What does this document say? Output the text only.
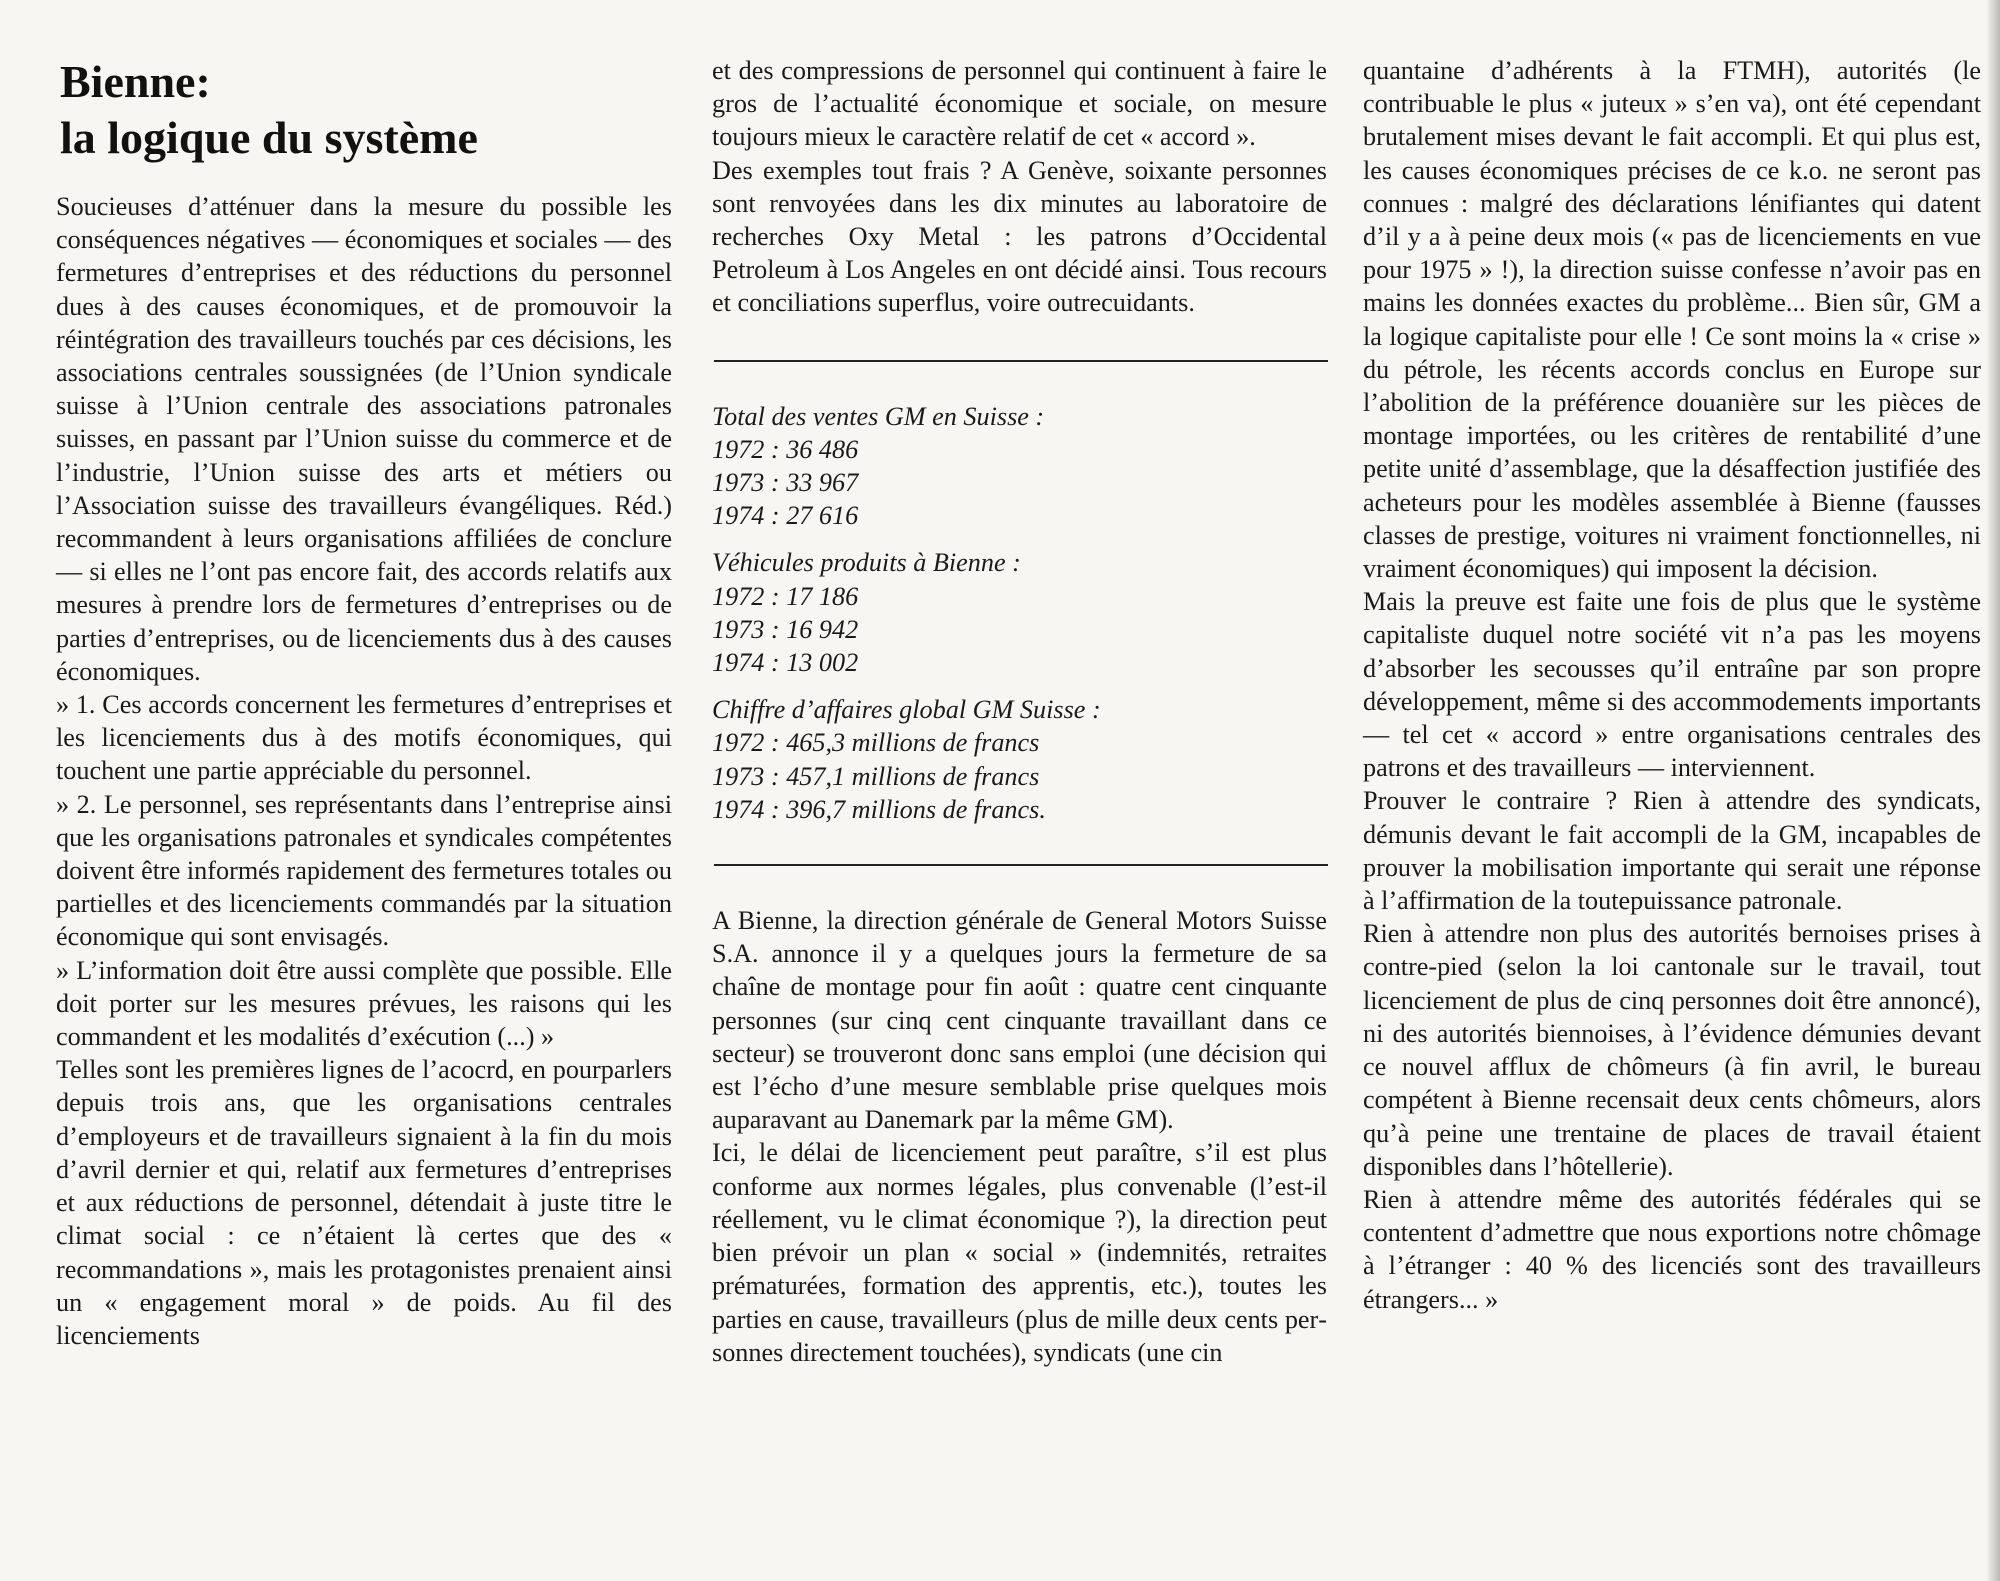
Bienne:
la logique du système

Soucieuses d’atténuer dans la mesure du possible les conséquences négatives — économiques et sociales — des fermetures d’entreprises et des réductions du personnel dues à des causes économiques, et de promouvoir la réintégration des travailleurs touchés par ces décisions, les associations centrales soussignées (de l’Union syndicale suisse à l’Union centrale des associations patronales suisses, en passant par l’Union suisse du commerce et de l’industrie, l’Union suisse des arts et métiers ou l’Association suisse des travailleurs évangéliques. Réd.) recommandent à leurs organisations affiliées de conclure — si elles ne l’ont pas encore fait, des accords relatifs aux mesures à prendre lors de fermetures d’entreprises ou de parties d’entreprises, ou de licenciements dus à des causes économiques.

» 1. Ces accords concernent les fermetures d’entreprises et les licenciements dus à des motifs économiques, qui touchent une partie appréciable du personnel.

» 2. Le personnel, ses représentants dans l’entreprise ainsi que les organisations patronales et syndicales compétentes doivent être informés rapidement des fermetures totales ou partielles et des licenciements commandés par la situation économique qui sont envisagés.

» L’information doit être aussi complète que possible. Elle doit porter sur les mesures prévues, les raisons qui les commandent et les modalités d’exécution (...) »

Telles sont les premières lignes de l’acocrd, en pourparlers depuis trois ans, que les organisations centrales d’employeurs et de travailleurs signaient à la fin du mois d’avril dernier et qui, relatif aux fermetures d’entreprises et aux réductions de personnel, détendait à juste titre le climat social : ce n’étaient là certes que des « recommandations », mais les protagonistes prenaient ainsi un « engagement moral » de poids. Au fil des licenciements

et des compressions de personnel qui continuent à faire le gros de l’actualité économique et sociale, on mesure toujours mieux le caractère relatif de cet « accord ».

Des exemples tout frais ? A Genève, soixante personnes sont renvoyées dans les dix minutes au laboratoire de recherches Oxy Metal : les patrons d’Occidental Petroleum à Los Angeles en ont décidé ainsi. Tous recours et conciliations superflus, voire outrecuidants.

Total des ventes GM en Suisse :

1972 : 36 486

1973 : 33 967

1974 : 27 616

Véhicules produits à Bienne :

1972 : 17 186

1973 : 16 942

1974 : 13 002

Chiffre d’affaires global GM Suisse :

1972 : 465,3 millions de francs

1973 : 457,1 millions de francs

1974 : 396,7 millions de francs.

A Bienne, la direction générale de General Motors Suisse S.A. annonce il y a quelques jours la fermeture de sa chaîne de montage pour fin août : quatre cent cinquante personnes (sur cinq cent cinquante travaillant dans ce secteur) se trouveront donc sans emploi (une décision qui est l’écho d’une mesure semblable prise quelques mois auparavant au Danemark par la même GM).

Ici, le délai de licenciement peut paraître, s’il est plus conforme aux normes légales, plus convenable (l’est-il réellement, vu le climat économique ?), la direction peut bien prévoir un plan « social » (indemnités, retraites prématurées, formation des apprentis, etc.), toutes les parties en cause, travailleurs (plus de mille deux cents personnes directement touchées), syndicats (une cin

quantaine d’adhérents à la FTMH), autorités (le contribuable le plus « juteux » s’en va), ont été cependant brutalement mises devant le fait accompli. Et qui plus est, les causes économiques précises de ce k.o. ne seront pas connues : malgré des déclarations lénifiantes qui datent d’il y a à peine deux mois (« pas de licenciements en vue pour 1975 » !), la direction suisse confesse n’avoir pas en mains les données exactes du problème... Bien sûr, GM a la logique capitaliste pour elle ! Ce sont moins la « crise » du pétrole, les récents accords conclus en Europe sur l’abolition de la préférence douanière sur les pièces de montage importées, ou les critères de rentabilité d’une petite unité d’assemblage, que la désaffection justifiée des acheteurs pour les modèles assemblée à Bienne (fausses classes de prestige, voitures ni vraiment fonctionnelles, ni vraiment économiques) qui imposent la décision.

Mais la preuve est faite une fois de plus que le système capitaliste duquel notre société vit n’a pas les moyens d’absorber les secousses qu’il entraîne par son propre développement, même si des accommodements importants — tel cet « accord » entre organisations centrales des patrons et des travailleurs — interviennent.

Prouver le contraire ? Rien à attendre des syndicats, démunis devant le fait accompli de la GM, incapables de prouver la mobilisation importante qui serait une réponse à l’affirmation de la toutepuissance patronale.

Rien à attendre non plus des autorités bernoises prises à contre-pied (selon la loi cantonale sur le travail, tout licenciement de plus de cinq personnes doit être annoncé), ni des autorités biennoises, à l’évidence démunies devant ce nouvel afflux de chômeurs (à fin avril, le bureau compétent à Bienne recensait deux cents chômeurs, alors qu’à peine une trentaine de places de travail étaient disponibles dans l’hôtellerie).

Rien à attendre même des autorités fédérales qui se contentent d’admettre que nous exportions notre chômage à l’étranger : 40 % des licenciés sont des travailleurs étrangers... »
